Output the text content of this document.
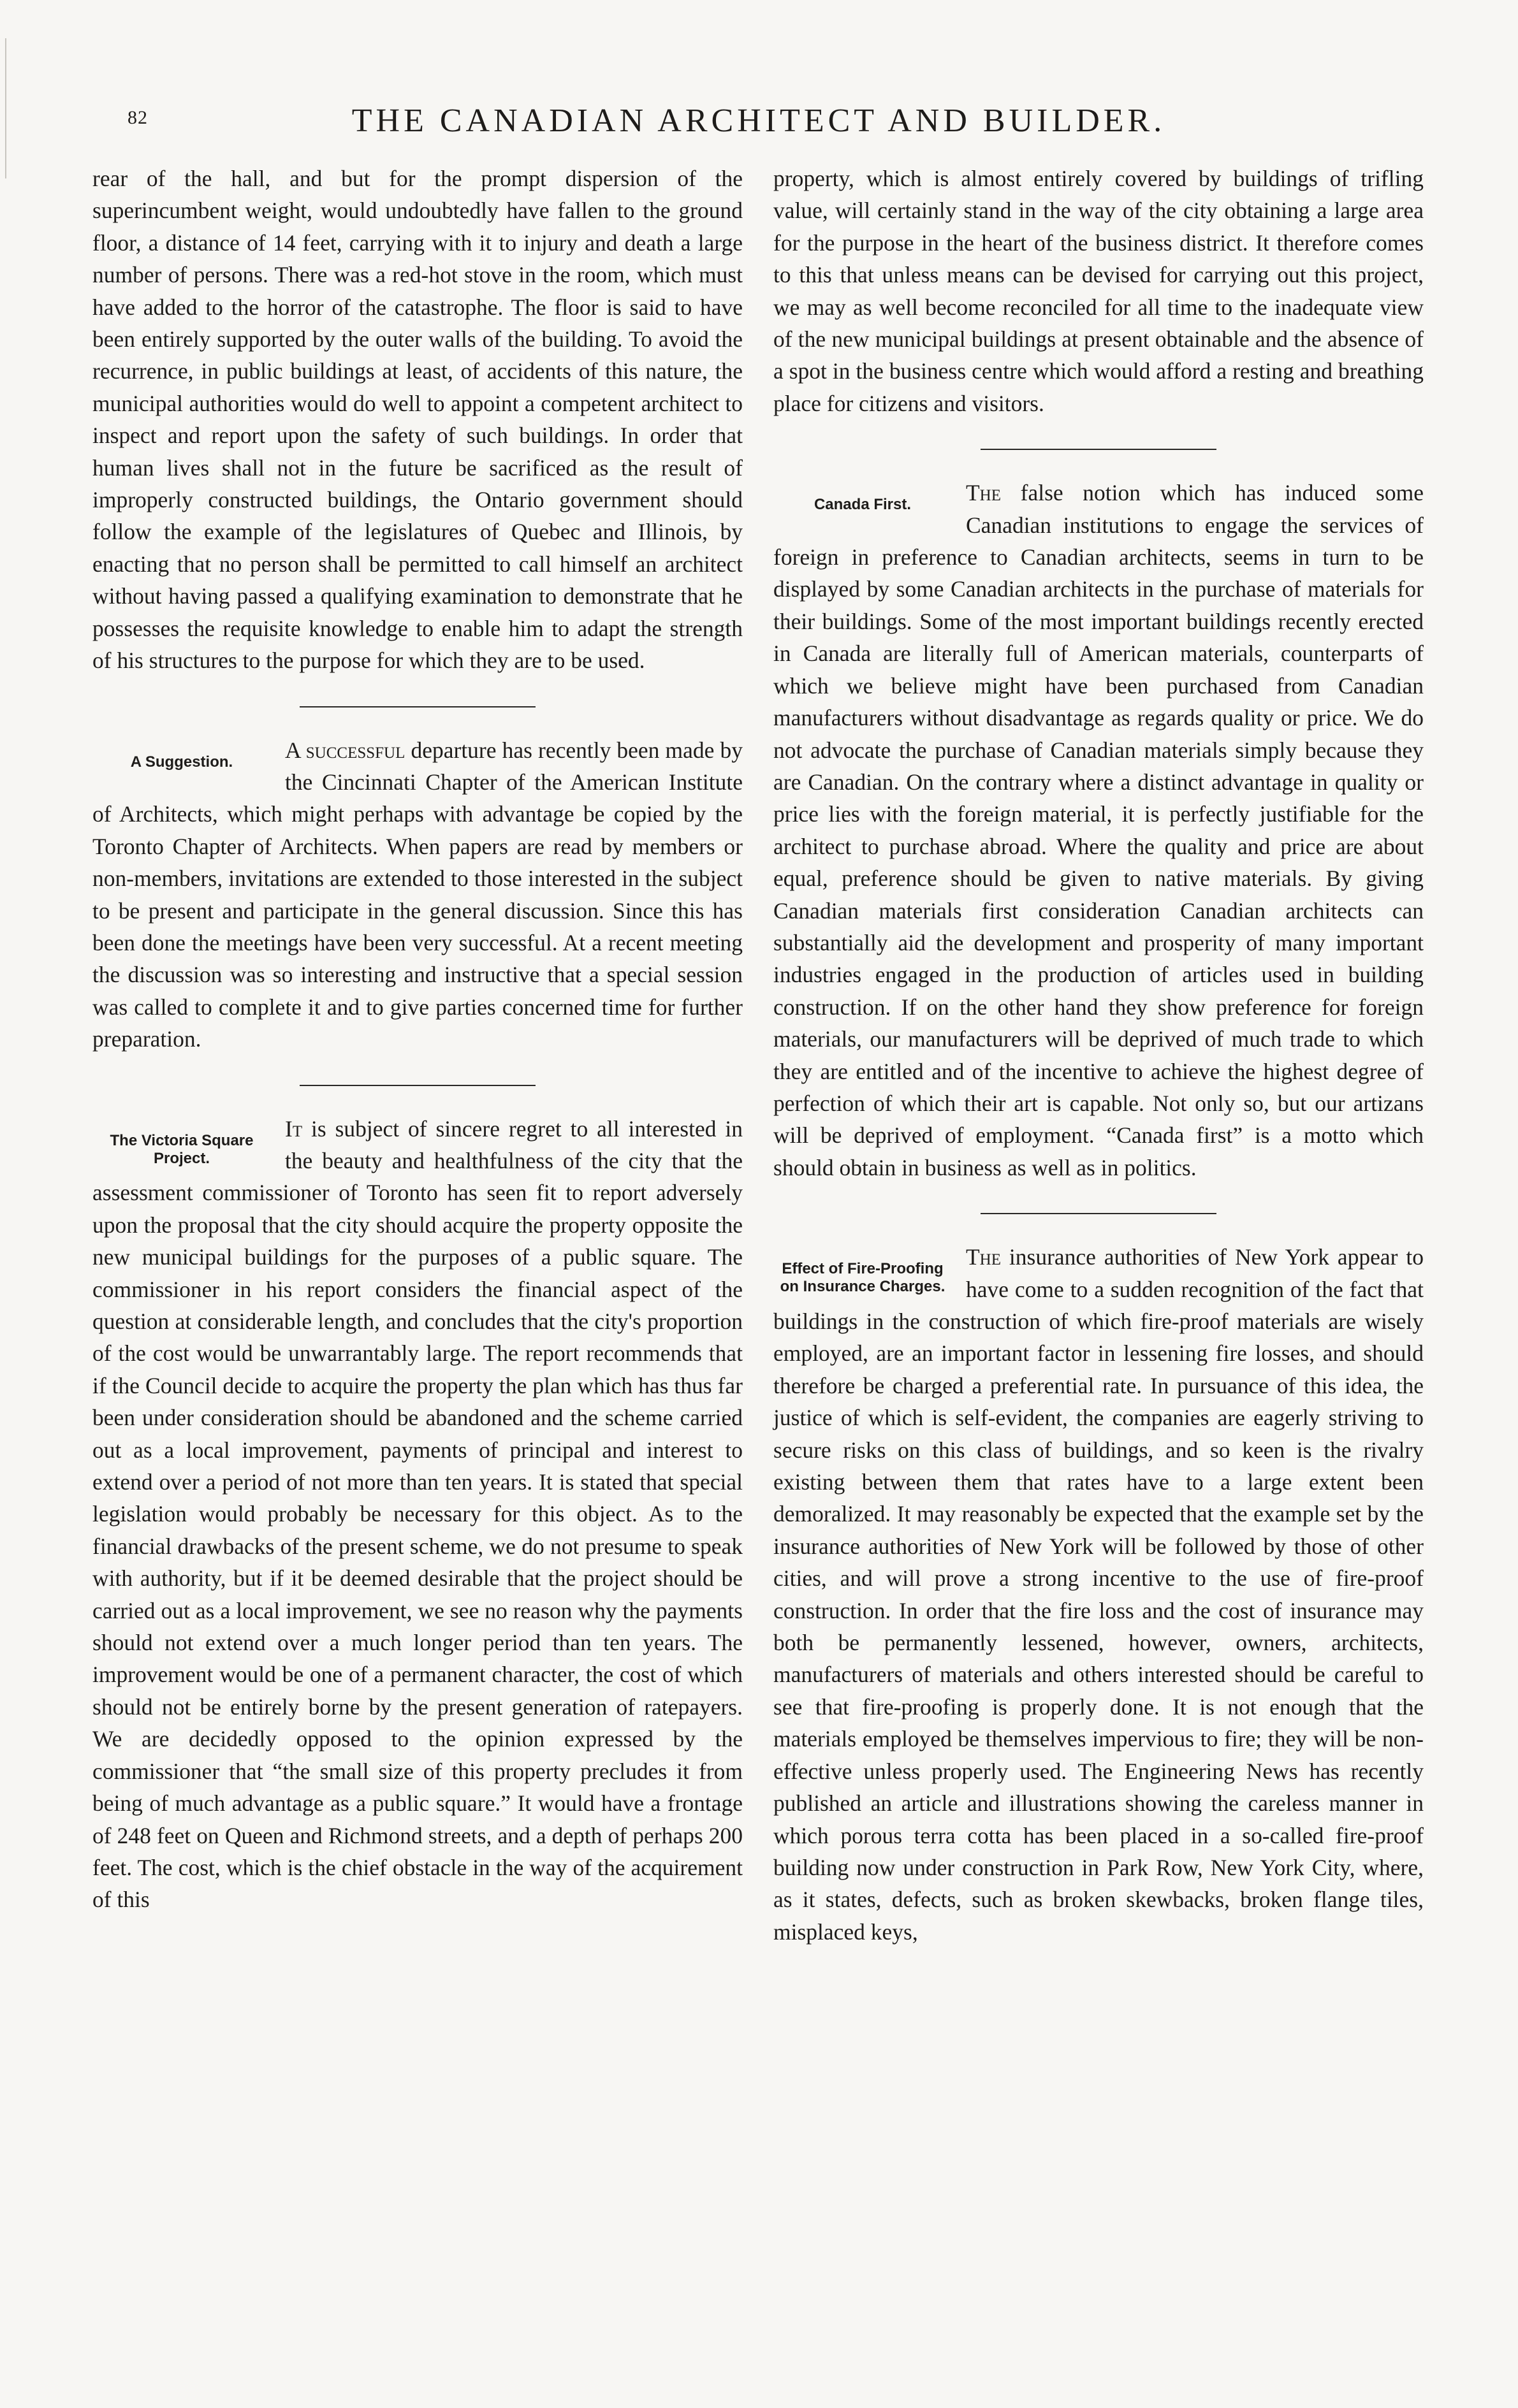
82	THE CANADIAN ARCHITECT AND BUILDER.

rear of the hall, and but for the prompt dispersion of the superincumbent weight, would undoubtedly have fallen to the ground floor, a distance of 14 feet, carrying with it to injury and death a large number of persons. There was a red-hot stove in the room, which must have added to the horror of the catastrophe. The floor is said to have been entirely supported by the outer walls of the building. To avoid the recurrence, in public buildings at least, of accidents of this nature, the municipal authorities would do well to appoint a competent architect to inspect and report upon the safety of such buildings. In order that human lives shall not in the future be sacrificed as the result of improperly constructed buildings, the Ontario government should follow the example of the legislatures of Quebec and Illinois, by enacting that no person shall be permitted to call himself an architect without having passed a qualifying examination to demonstrate that he possesses the requisite knowledge to enable him to adapt the strength of his structures to the purpose for which they are to be used.

A Suggestion.	A successful departure has recently been made by the Cincinnati Chapter of the American Institute of Architects, which might perhaps with advantage be copied by the Toronto Chapter of Architects. When papers are read by members or non-members, invitations are extended to those interested in the subject to be present and participate in the general discussion. Since this has been done the meetings have been very successful. At a recent meeting the discussion was so interesting and instructive that a special session was called to complete it and to give parties concerned time for further preparation.

The Victoria Square
Project.

It is subject of sincere regret to all interested in the beauty and healthfulness of the city that the assessment commissioner of Toronto has seen fit to report adversely upon the proposal that the city should acquire the property opposite the new municipal buildings for the purposes of a public square. The commissioner in his report considers the financial aspect of the question at considerable length, and concludes that the city's proportion of the cost would be unwarrantably large. The report recommends that if the Council decide to acquire the property the plan which has thus far been under consideration should be abandoned and the scheme carried out as a local improvement, payments of principal and interest to extend over a period of not more than ten years. It is stated that special legislation would probably be necessary for this object. As to the financial drawbacks of the present scheme, we do not presume to speak with authority, but if it be deemed desirable that the project should be carried out as a local improvement, we see no reason why the payments should not extend over a much longer period than ten years. The improvement would be one of a permanent character, the cost of which should not be entirely borne by the present generation of ratepayers. We are decidedly opposed to the opinion expressed by the commissioner that “the small size of this property precludes it from being of much advantage as a public square.” It would have a frontage of 248 feet on Queen and Richmond streets, and a depth of perhaps 200 feet. The cost, which is the chief obstacle in the way of the acquirement of this

property, which is almost entirely covered by buildings of trifling value, will certainly stand in the way of the city obtaining a large area for the purpose in the heart of the business district. It therefore comes to this that unless means can be devised for carrying out this project, we may as well become reconciled for all time to the inadequate view of the new municipal buildings at present obtainable and the absence of a spot in the business centre which would afford a resting and breathing place for citizens and visitors.

Canada First.	The false notion which has induced some Canadian institutions to engage the services of foreign in preference to Canadian architects, seems in turn to be displayed by some Canadian architects in the purchase of materials for their buildings. Some of the most important buildings recently erected in Canada are literally full of American materials, counterparts of which we believe might have been purchased from Canadian manufacturers without disadvantage as regards quality or price. We do not advocate the purchase of Canadian materials simply because they are Canadian. On the contrary where a distinct advantage in quality or price lies with the foreign material, it is perfectly justifiable for the architect to purchase abroad. Where the quality and price are about equal, preference should be given to native materials. By giving Canadian materials first consideration Canadian architects can substantially aid the development and prosperity of many important industries engaged in the production of articles used in building construction. If on the other hand they show preference for foreign materials, our manufacturers will be deprived of much trade to which they are entitled and of the incentive to achieve the highest degree of perfection of which their art is capable. Not only so, but our artizans will be deprived of employment. “Canada first” is a motto which should obtain in business as well as in politics.

Effect of Fire-Proofing
on Insurance Charges.

The insurance authorities of New York appear to have come to a sudden recognition of the fact that buildings in the construction of which fire-proof materials are wisely employed, are an important factor in lessening fire losses, and should therefore be charged a preferential rate. In pursuance of this idea, the justice of which is self-evident, the companies are eagerly striving to secure risks on this class of buildings, and so keen is the rivalry existing between them that rates have to a large extent been demoralized. It may reasonably be expected that the example set by the insurance authorities of New York will be followed by those of other cities, and will prove a strong incentive to the use of fire-proof construction. In order that the fire loss and the cost of insurance may both be permanently lessened, however, owners, architects, manufacturers of materials and others interested should be careful to see that fire-proofing is properly done. It is not enough that the materials employed be themselves impervious to fire; they will be non-effective unless properly used. The Engineering News has recently published an article and illustrations showing the careless manner in which porous terra cotta has been placed in a so-called fire-proof building now under construction in Park Row, New York City, where, as it states, defects, such as broken skewbacks, broken flange tiles, misplaced keys,
